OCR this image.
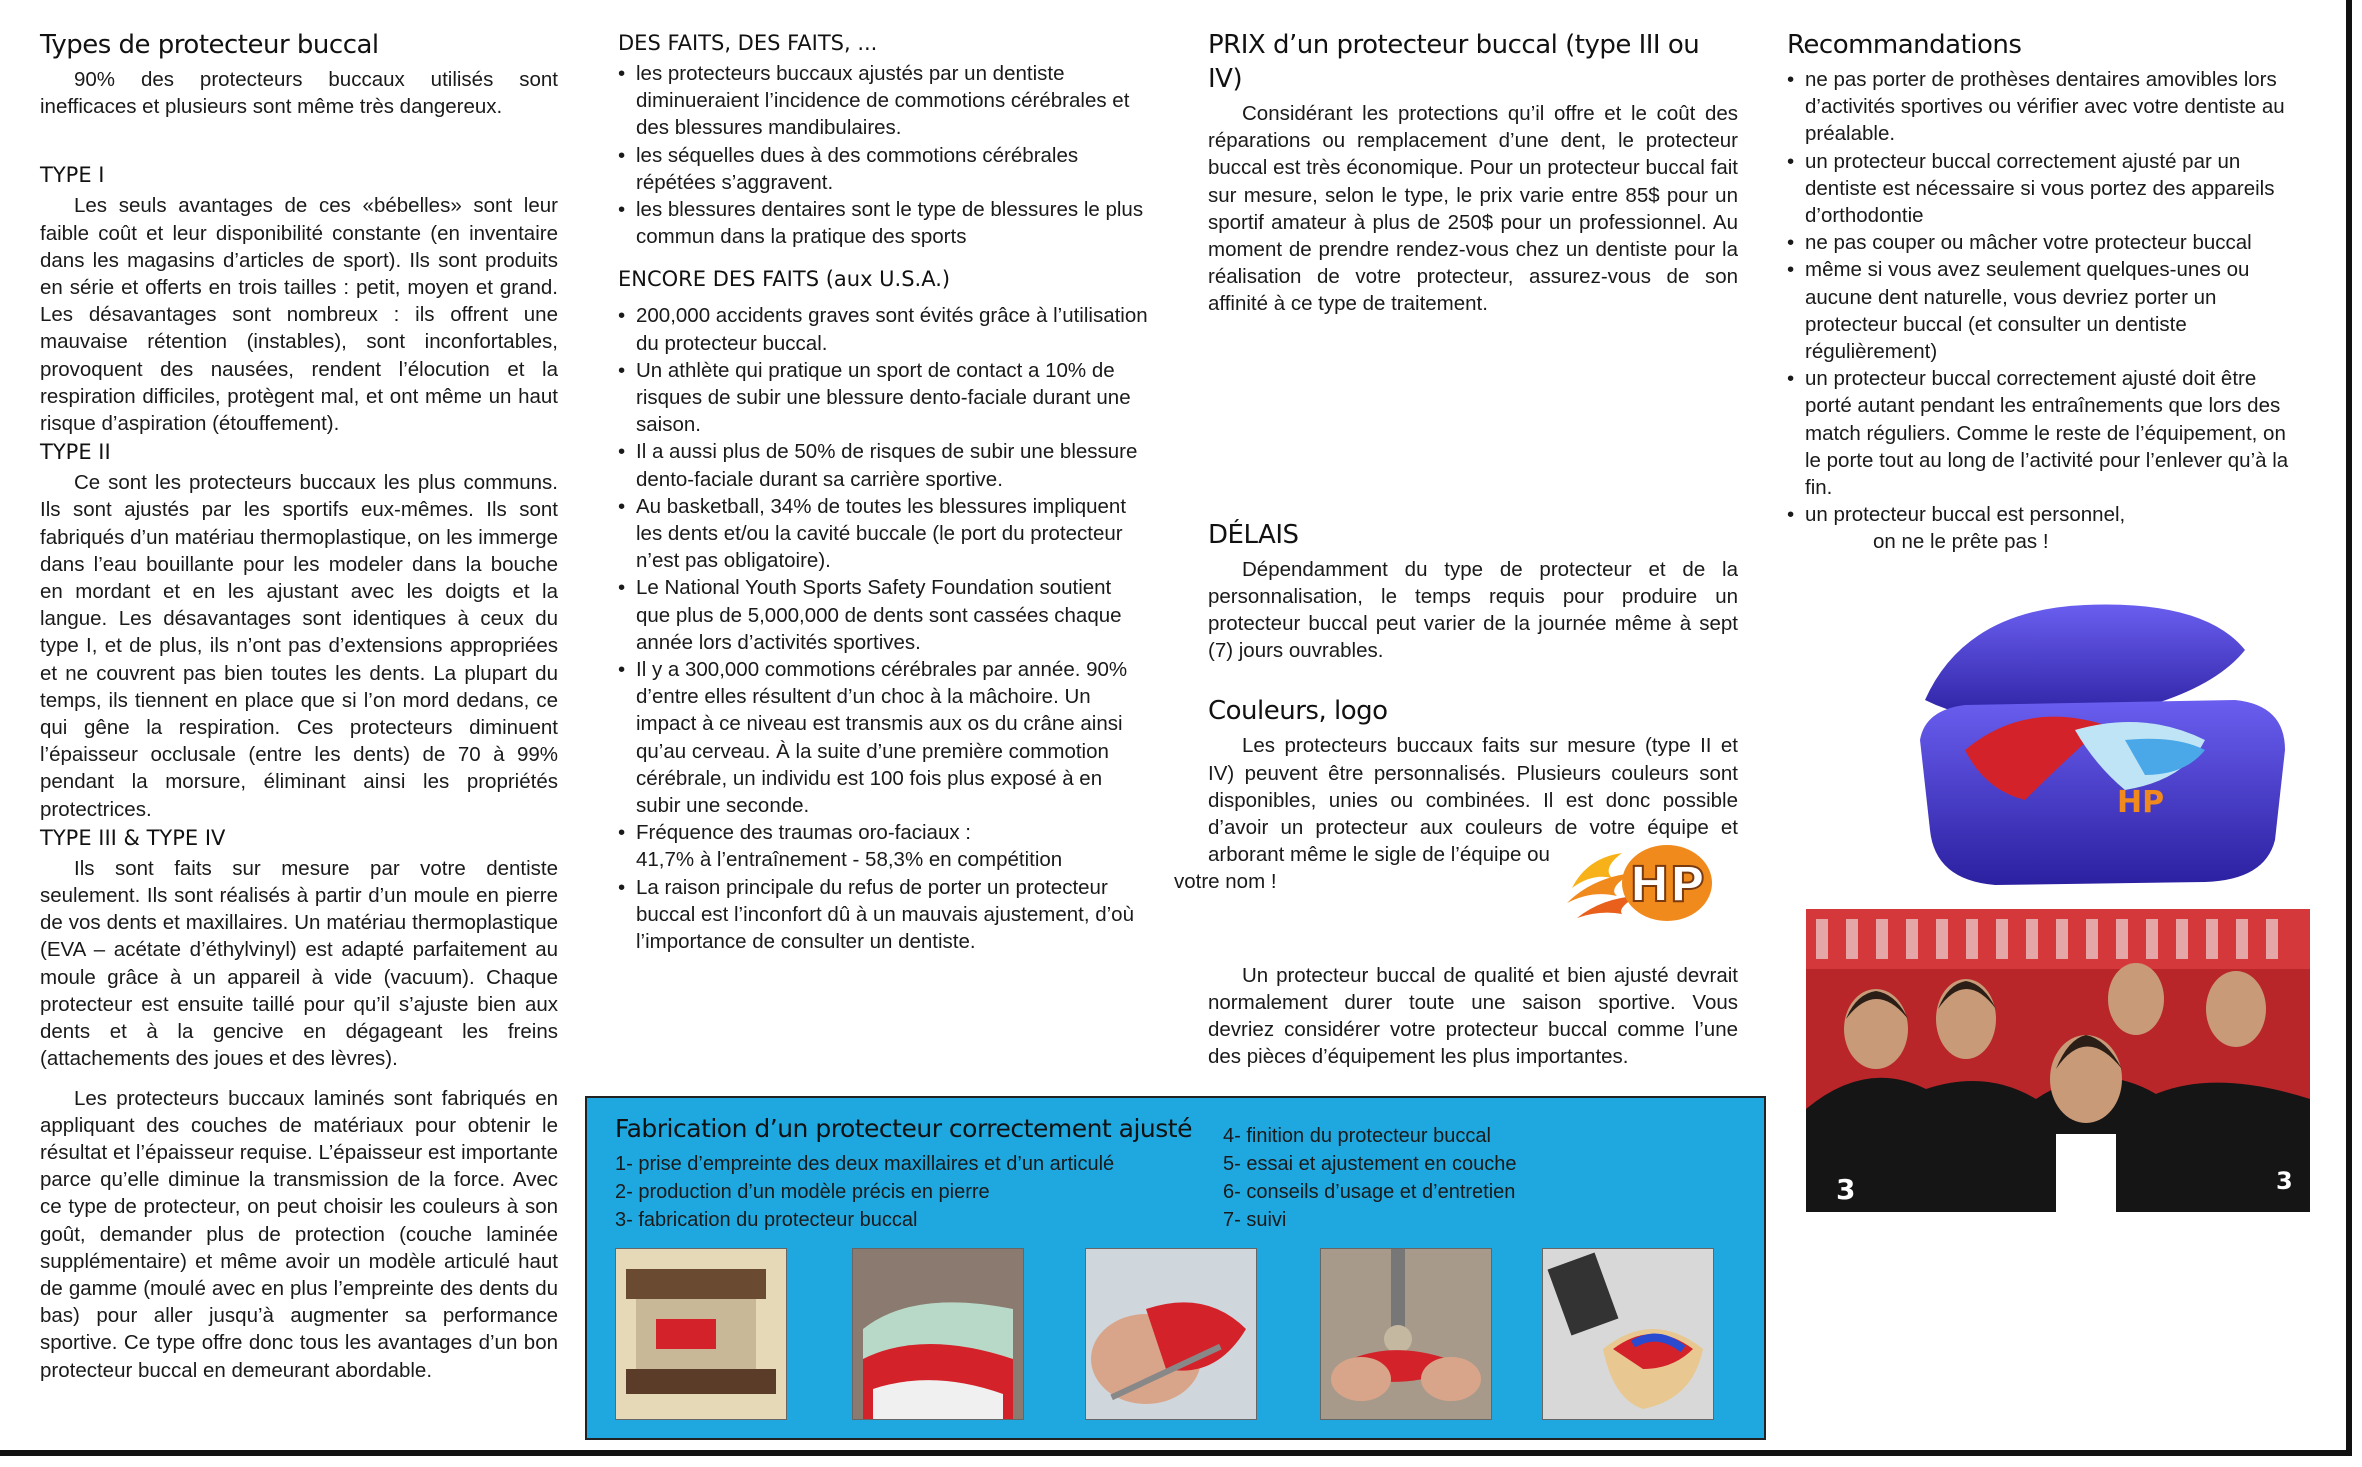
Types de protecteur buccal

90% des protecteurs buccaux utilisés sont inefficaces et plusieurs sont même très dangereux.

TYPE I

Les seuls avantages de ces «bébelles» sont leur faible coût et leur disponibilité constante (en inventaire dans les magasins d’articles de sport). Ils sont produits en série et offerts en trois tailles : petit, moyen et grand. Les désavantages sont nombreux : ils offrent une mauvaise rétention (instables), sont inconfortables, provoquent des nausées, rendent l’élocution et la respiration difficiles, protègent mal, et ont même un haut risque d’aspiration (étouffement).

TYPE II

Ce sont les protecteurs buccaux les plus communs. Ils sont ajustés par les sportifs eux-mêmes. Ils sont fabriqués d’un matériau thermoplastique, on les immerge dans l’eau bouillante pour les modeler dans la bouche en mordant et en les ajustant avec les doigts et la langue. Les désavantages sont identiques à ceux du type I, et de plus, ils n’ont pas d’extensions appropriées et ne couvrent pas bien toutes les dents. La plupart du temps, ils tiennent en place que si l’on mord dedans, ce qui gêne la respiration. Ces protecteurs diminuent l’épaisseur occlusale (entre les dents) de 70 à 99% pendant la morsure, éliminant ainsi les propriétés protectrices.

TYPE III & TYPE IV

Ils sont faits sur mesure par votre dentiste seulement. Ils sont réalisés à partir d’un moule en pierre de vos dents et maxillaires. Un matériau thermoplastique (EVA – acétate d’éthylvinyl) est adapté parfaitement au moule grâce à un appareil à vide (vacuum). Chaque protecteur est ensuite taillé pour qu’il s’ajuste bien aux dents et à la gencive en dégageant les freins (attachements des joues et des lèvres).

Les protecteurs buccaux laminés sont fabriqués en appliquant des couches de matériaux pour obtenir le résultat et l’épaisseur requise. L’épaisseur est importante parce qu’elle diminue la transmission de la force. Avec ce type de protecteur, on peut choisir les couleurs à son goût, demander plus de protection (couche laminée supplémentaire) et même avoir un modèle articulé haut de gamme (moulé avec en plus l’empreinte des dents du bas) pour aller jusqu’à augmenter sa performance sportive. Ce type offre donc tous les avantages d’un bon protecteur buccal en demeurant abordable.

DES FAITS, DES FAITS, ...
• les protecteurs buccaux ajustés par un dentiste diminueraient l’incidence de commotions cérébrales et des blessures mandibulaires.
• les séquelles dues à des commotions cérébrales répétées s’aggravent.
• les blessures dentaires sont le type de blessures le plus commun dans la pratique des sports
ENCORE DES FAITS (aux U.S.A.)
• 200,000 accidents graves sont évités grâce à l’utilisation du protecteur buccal.
• Un athlète qui pratique un sport de contact a 10% de risques de subir une blessure dento-faciale durant une saison.
• Il a aussi plus de 50% de risques de subir une blessure dento-faciale durant sa carrière sportive.
• Au basketball, 34% de toutes les blessures impliquent les dents et/ou la cavité buccale (le port du protecteur n’est pas obligatoire).
• Le National Youth Sports Safety Foundation soutient que plus de 5,000,000 de dents sont cassées chaque année lors d’activités sportives.
• Il y a 300,000 commotions cérébrales par année. 90% d’entre elles résultent d’un choc à la mâchoire. Un impact à ce niveau est transmis aux os du crâne ainsi qu’au cerveau. À la suite d’une première commotion cérébrale, un individu est 100 fois plus exposé à en subir une seconde.
• Fréquence des traumas oro-faciaux :
41,7% à l’entraînement - 58,3% en compétition
• La raison principale du refus de porter un protecteur buccal est l’inconfort dû à un mauvais ajustement, d’où l’importance de consulter un dentiste.
PRIX d’un protecteur buccal (type III ou IV)

Considérant les protections qu’il offre et le coût des réparations ou remplacement d’une dent, le protecteur buccal est très économique. Pour un protecteur buccal fait sur mesure, selon le type, le prix varie entre 85$ pour un sportif amateur à plus de 250$ pour un professionnel. Au moment de prendre rendez-vous chez un dentiste pour la réalisation de votre protecteur, assurez-vous de son affinité à ce type de traitement.

DÉLAIS

Dépendamment du type de protecteur et de la personnalisation, le temps requis pour produire un protecteur buccal peut varier de la journée même à sept (7) jours ouvrables.

Couleurs, logo

Les protecteurs buccaux faits sur mesure (type II et IV) peuvent être personnalisés. Plusieurs couleurs sont disponibles, unies ou combinées. Il est donc possible d’avoir un protecteur aux couleurs de votre équipe et arborant même le sigle de l’équipe ou
votre nom !

Un protecteur buccal de qualité et bien ajusté devrait normalement durer toute une saison sportive. Vous devriez considérer votre protecteur buccal comme l’une des pièces d’équipement les plus importantes.

HP
Recommandations
• ne pas porter de prothèses dentaires amovibles lors d’activités sportives ou vérifier avec votre dentiste au préalable.
• un protecteur buccal correctement ajusté par un dentiste est nécessaire si vous portez des appareils d’orthodontie
• ne pas couper ou mâcher votre protecteur buccal
• même si vous avez seulement quelques-unes ou aucune dent naturelle, vous devriez porter un protecteur buccal (et consulter un dentiste régulièrement)
• un protecteur buccal correctement ajusté doit être porté autant pendant les entraînements que lors des match réguliers. Comme le reste de l’équipement, on le porte tout au long de l’activité pour l’enlever qu’à la fin.
• un protecteur buccal est personnel,
on ne le prête pas !
HP
3	3
Fabrication d’un protecteur correctement ajusté
1- prise d’empreinte des deux maxillaires et d’un articulé
2- production d’un modèle précis en pierre
3- fabrication du protecteur buccal
4- finition du protecteur buccal
5- essai et ajustement en couche
6- conseils d’usage et d’entretien
7- suivi
